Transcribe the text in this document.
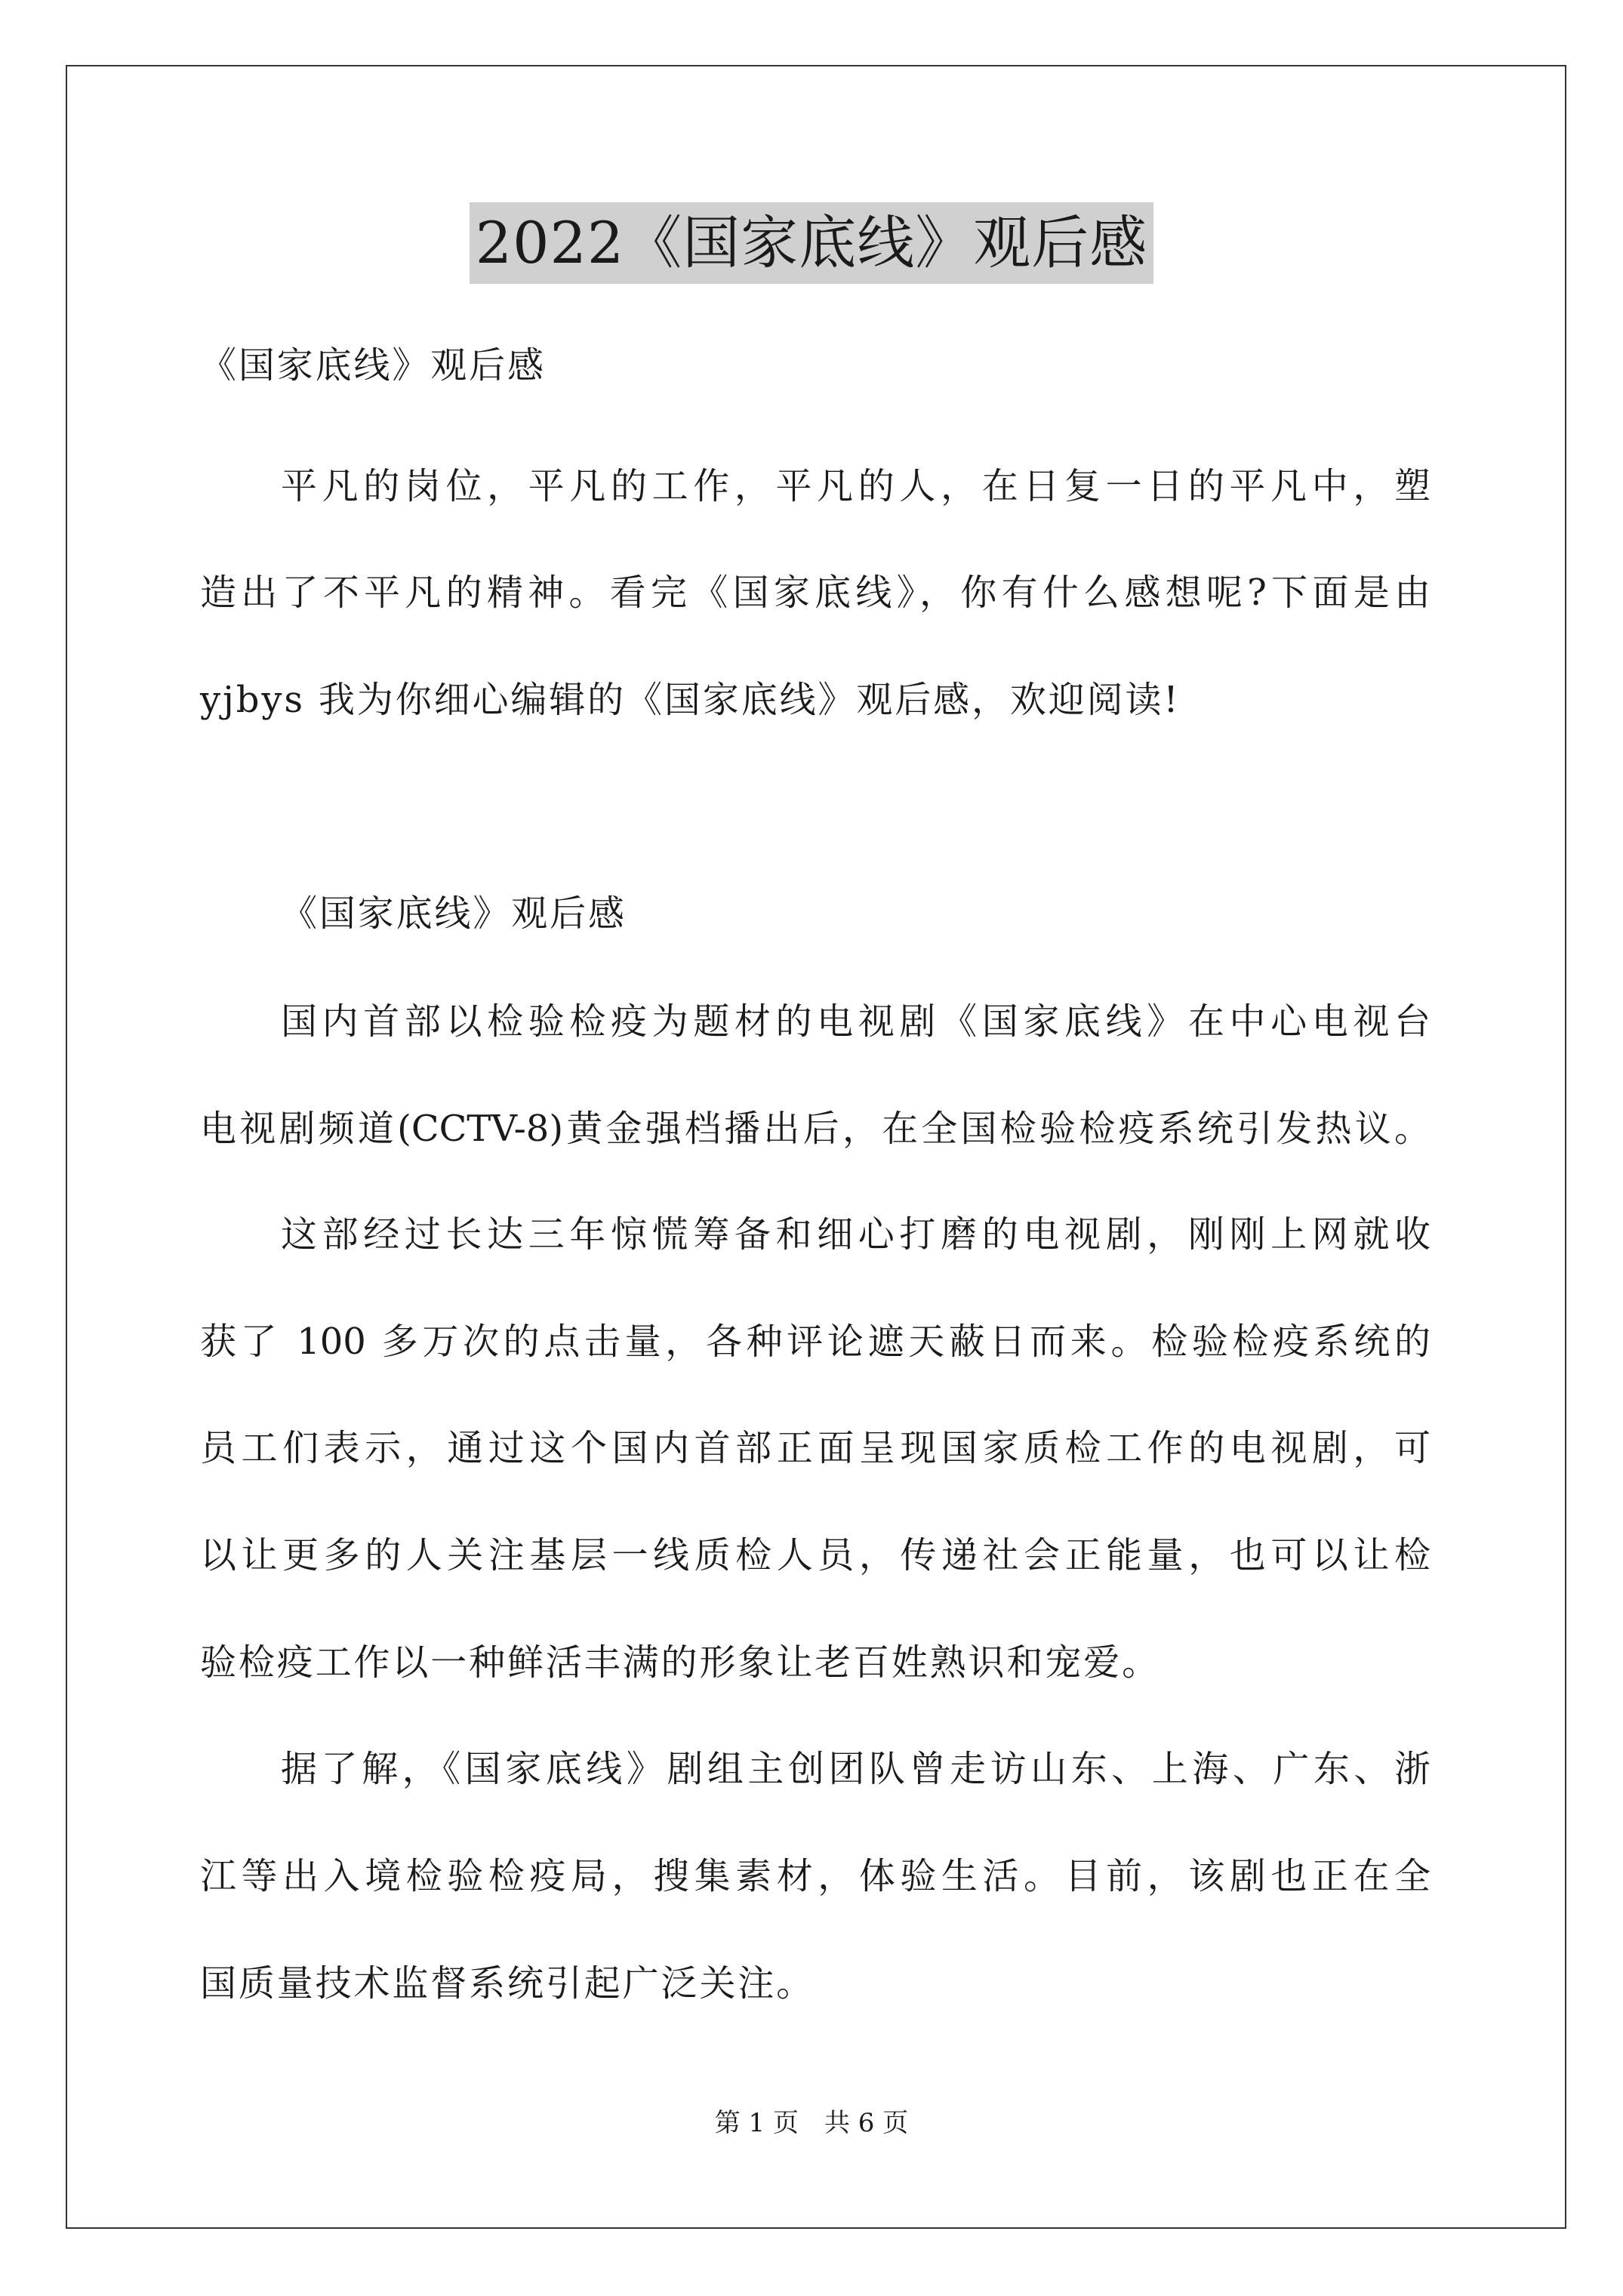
2022《国家底线》观后感
《国家底线》观后感
平凡的岗位，平凡的工作，平凡的人，在日复一日的平凡中，塑
造出了不平凡的精神。看完《国家底线》，你有什么感想呢?下面是由
yjbys 我为你细心编辑的《国家底线》观后感，欢迎阅读!
《国家底线》观后感
国内首部以检验检疫为题材的电视剧《国家底线》在中心电视台
电视剧频道(CCTV-8)黄金强档播出后，在全国检验检疫系统引发热议。
这部经过长达三年惊慌筹备和细心打磨的电视剧，刚刚上网就收
获了 100 多万次的点击量，各种评论遮天蔽日而来。检验检疫系统的
员工们表示，通过这个国内首部正面呈现国家质检工作的电视剧，可
以让更多的人关注基层一线质检人员，传递社会正能量，也可以让检
验检疫工作以一种鲜活丰满的形象让老百姓熟识和宠爱。
据了解，《国家底线》剧组主创团队曾走访山东、上海、广东、浙
江等出入境检验检疫局，搜集素材，体验生活。目前，该剧也正在全
国质量技术监督系统引起广泛关注。
第 1 页　共 6 页
